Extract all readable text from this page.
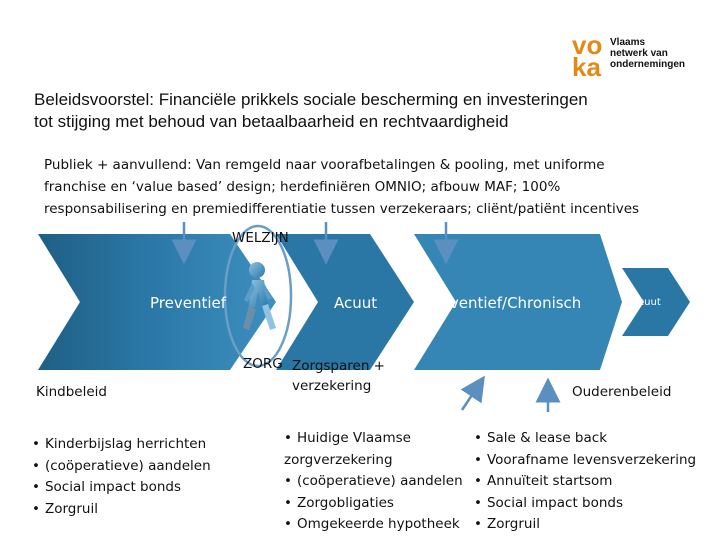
vo
ka
Vlaams
netwerk van
ondernemingen
Beleidsvoorstel: Financiële prikkels sociale bescherming en investeringen
tot stijging met behoud van betaalbaarheid en rechtvaardigheid
Publiek + aanvullend: Van remgeld naar voorafbetalingen & pooling, met uniforme
franchise en ‘value based’ design; herdefiniëren OMNIO; afbouw MAF; 100%
responsabilisering en premiedifferentiatie tussen verzekeraars; cliënt/patiënt incentives
Preventief	Acuut	Preventief/Chronisch	Acuut
WELZIJN
ZORG Zorgsparen +
verzekering
Kindbeleid	Ouderenbeleid
• Kinderbijslag herrichten
• (coöperatieve) aandelen
• Social impact bonds
• Zorgruil
• Huidige Vlaamse
zorgverzekering
• (coöperatieve) aandelen
• Zorgobligaties
• Omgekeerde hypotheek
• Sale & lease back
• Voorafname levensverzekering
• Annuïteit startsom
• Social impact bonds
• Zorgruil
